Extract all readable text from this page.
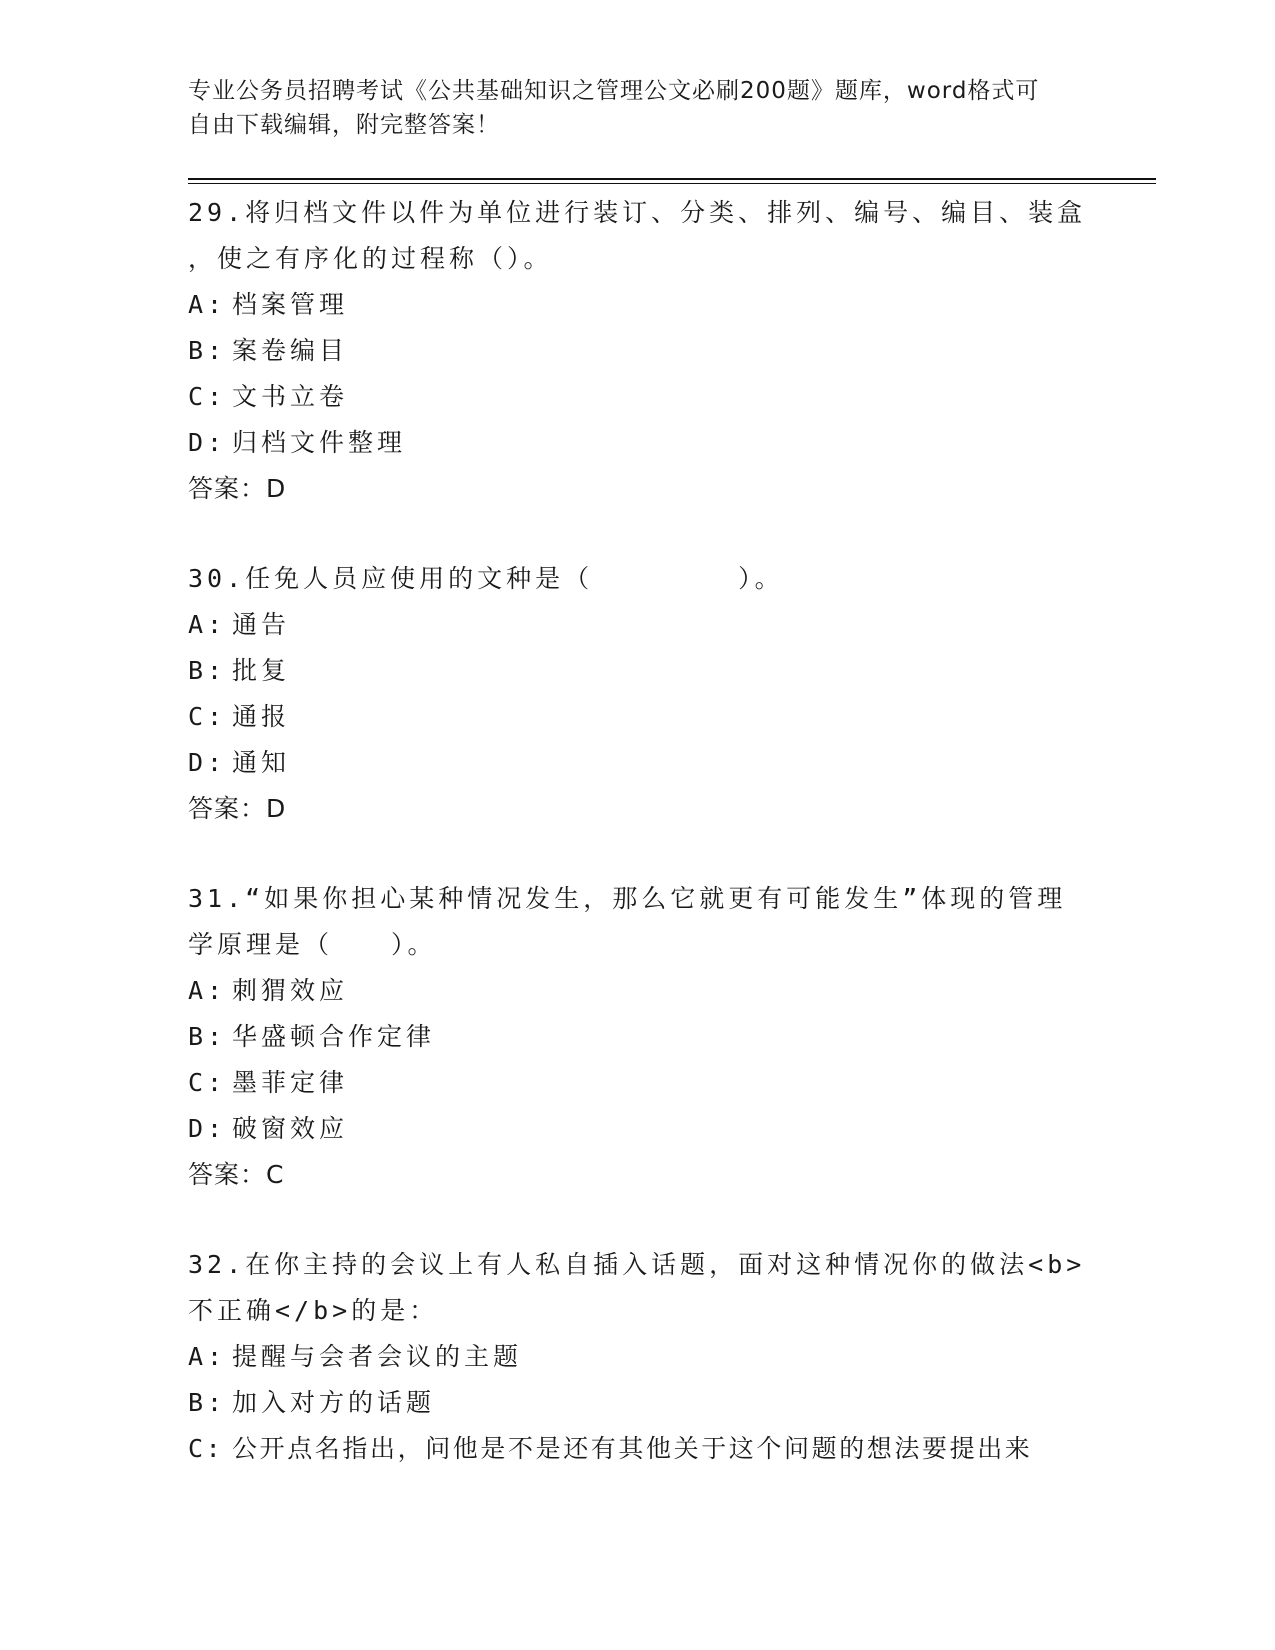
专业公务员招聘考试《公共基础知识之管理公文必刷200题》题库，word格式可
自由下载编辑，附完整答案！
29.将归档文件以件为单位进行装订、分类、排列、编号、编目、装盒
，使之有序化的过程称（）。
A: 档案管理
B: 案卷编目
C: 文书立卷
D: 归档文件整理
答案：D
30.任免人员应使用的文种是（　　　　　）。
A: 通告
B: 批复
C: 通报
D: 通知
答案：D
31.“如果你担心某种情况发生，那么它就更有可能发生”体现的管理
学原理是（　　）。
A: 刺猬效应
B: 华盛顿合作定律
C: 墨菲定律
D: 破窗效应
答案：C
32.在你主持的会议上有人私自插入话题，面对这种情况你的做法<b>
不正确</b>的是：
A: 提醒与会者会议的主题
B: 加入对方的话题
C: 公开点名指出，问他是不是还有其他关于这个问题的想法要提出来
